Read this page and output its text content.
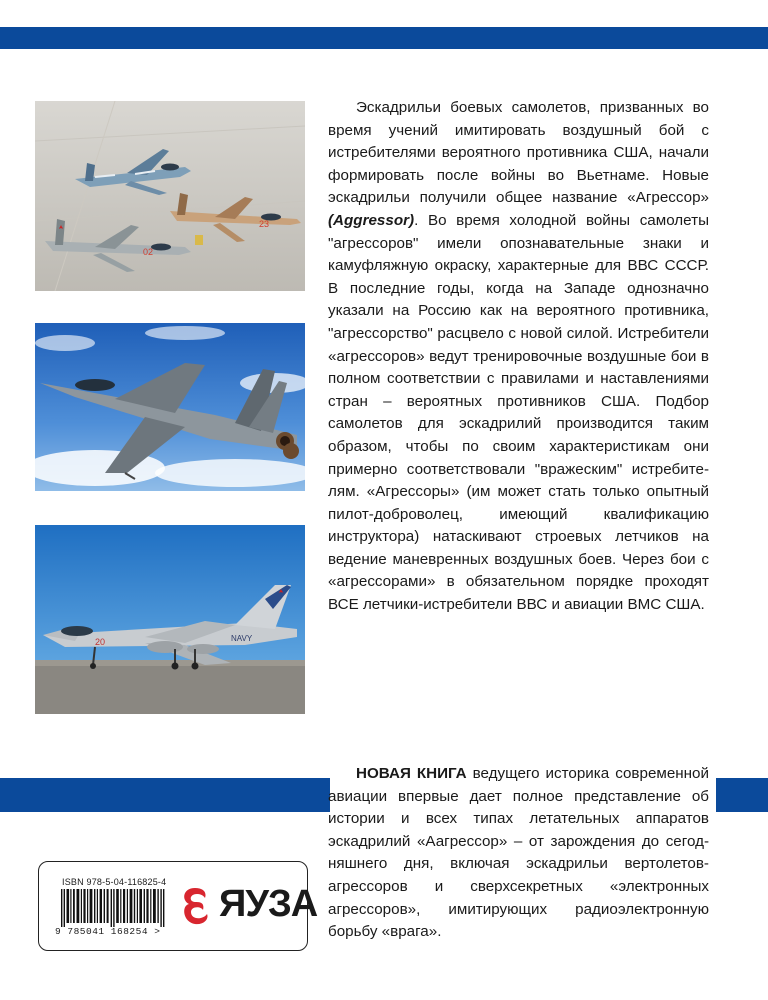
23
02
20	NAVY

Эскадрильи боевых самолетов, призванных во время учений имитировать воздушный бой с истребителями вероятного противника США, начали формировать после войны во Вьетнаме. Новые эскадрильи получили общее название «Агрессор» (Aggressor). Во время холодной войны самолеты "агрессоров" имели опознавательные знаки и камуфляжную окраску, характерные для ВВС СССР. В последние годы, когда на Западе однозначно указали на Россию как на вероятного противника, "агрессорство" расцвело с новой силой. Истребители «агрессоров» ведут тренировочные воздушные бои в полном соответствии с правилами и наставлениями стран – вероятных противников США. Подбор самолетов для эскадрилий производится таким образом, чтобы по своим характеристикам они примерно соответствовали "вражеским" истребителям. «Агрессоры» (им может стать только опытный пилот-доброволец, имеющий квалификацию инструктора) натаскивают строевых летчиков на ведение маневренных воздушных боев. Через бои с «агрессорами» в обязательном порядке проходят ВСЕ летчики-истребители ВВС и авиации ВМС США.

НОВАЯ КНИГА ведущего историка современной авиации впервые дает полное представление об истории и всех типах летательных аппаратов эскадрилий «Аагрессор» – от зарождения до сегодняшнего дня, включая эскадрильи вертолетов-агрессоров и сверхсекретных «электронных агрессоров», имитирующих радиоэлектронную борьбу «врага».

ISBN 978-5-04-116825-4
9 785041 168254 >
ЯУЗА
